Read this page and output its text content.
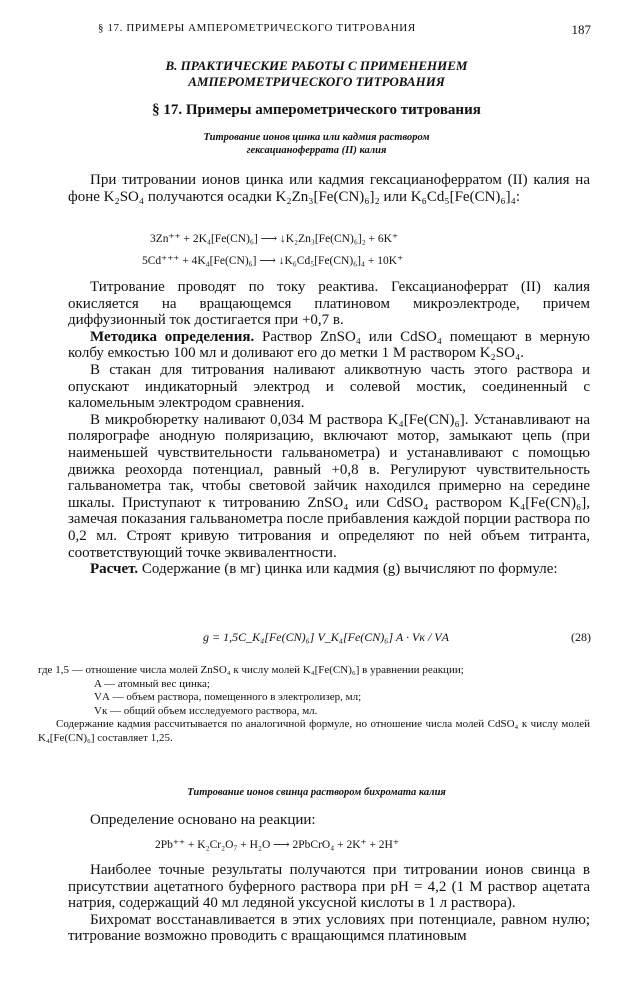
§ 17. ПРИМЕРЫ АМПЕРОМЕТРИЧЕСКОГО ТИТРОВАНИЯ	187
В. ПРАКТИЧЕСКИЕ РАБОТЫ С ПРИМЕНЕНИЕМ
АМПЕРОМЕТРИЧЕСКОГО ТИТРОВАНИЯ
§ 17. Примеры амперометрического титрования
Титрование ионов цинка или кадмия раствором
гексацианоферрата (II) калия

При титровании ионов цинка или кадмия гексацианоферратом (II) калия на фоне K₂SO₄ получаются осадки K₂Zn₃[Fe(CN)₆]₂ или K₆Cd₅[Fe(CN)₆]₄:

3Zn⁺⁺ + 2K₄[Fe(CN)₆] ⟶ ↓K₂Zn₃[Fe(CN)₆]₂ + 6K⁺
5Cd⁺⁺⁺ + 4K₄[Fe(CN)₆] ⟶ ↓K₆Cd₅[Fe(CN)₆]₄ + 10K⁺

Титрование проводят по току реактива. Гексацианоферрат (II) калия окисляется на вращающемся платиновом микроэлектроде, причем диффузионный ток достигается при +0,7 в.

Методика определения. Раствор ZnSO₄ или CdSO₄ помещают в мерную колбу емкостью 100 мл и доливают его до метки 1 М раствором K₂SO₄.

В стакан для титрования наливают аликвотную часть этого раствора и опускают индикаторный электрод и солевой мостик, соединенный с каломельным электродом сравнения.

В микробюретку наливают 0,034 М раствора K₄[Fe(CN)₆]. Устанавливают на полярографе анодную поляризацию, включают мотор, замыкают цепь (при наименьшей чувствительности гальванометра) и устанавливают с помощью движка реохорда потенциал, равный +0,8 в. Регулируют чувствительность гальванометра так, чтобы световой зайчик находился примерно на середине шкалы. Приступают к титрованию ZnSO₄ или CdSO₄ раствором K₄[Fe(CN)₆], замечая показания гальванометра после прибавления каждой порции раствора по 0,2 мл. Строят кривую титрования и определяют по ней объем титранта, соответствующий точке эквивалентности.

Расчет. Содержание (в мг) цинка или кадмия (g) вычисляют по формуле:

g = 1,5C_K₄[Fe(CN)₆] V_K₄[Fe(CN)₆] A · Vк / VА	(28)

где 1,5 — отношение числа молей ZnSO₄ к числу молей K₄[Fe(CN)₆] в уравнении реакции;

A — атомный вес цинка;

VА — объем раствора, помещенного в электролизер, мл;

Vк — общий объем исследуемого раствора, мл.

Содержание кадмия рассчитывается по аналогичной формуле, но отношение числа молей CdSO₄ к числу молей K₄[Fe(CN)₆] составляет 1,25.

Титрование ионов свинца раствором бихромата калия

Определение основано на реакции:

2Pb⁺⁺ + K₂Cr₂O₇ + H₂O ⟶ 2PbCrO₄ + 2K⁺ + 2H⁺

Наиболее точные результаты получаются при титровании ионов свинца в присутствии ацетатного буферного раствора при pH = 4,2 (1 М раствор ацетата натрия, содержащий 40 мл ледяной уксусной кислоты в 1 л раствора).

Бихромат восстанавливается в этих условиях при потенциале, равном нулю; титрование возможно проводить с вращающимся платиновым
